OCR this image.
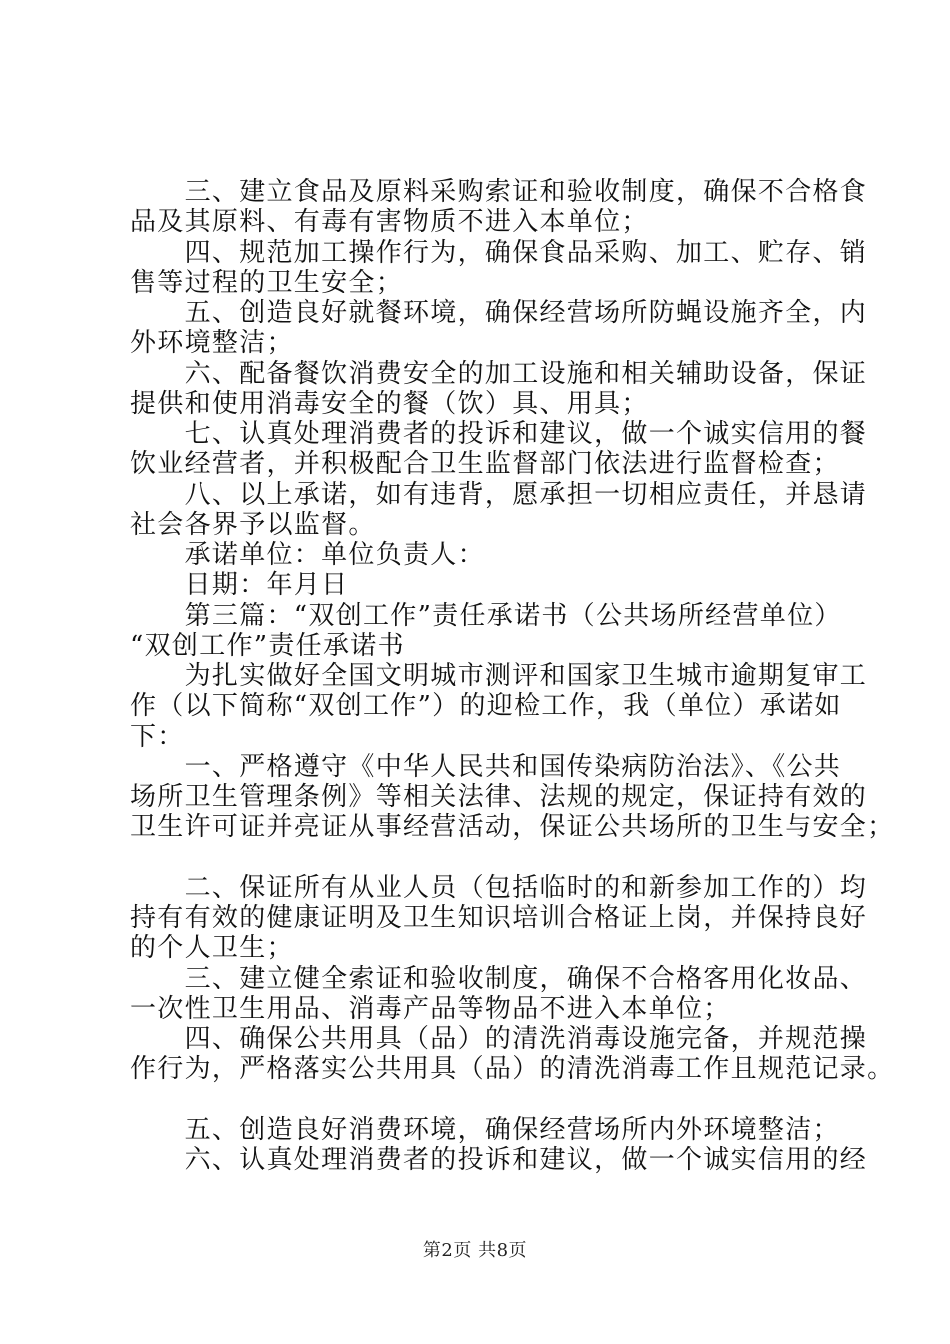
　　三、建立食品及原料采购索证和验收制度，确保不合格食
品及其原料、有毒有害物质不进入本单位；
　　四、规范加工操作行为，确保食品采购、加工、贮存、销
售等过程的卫生安全；
　　五、创造良好就餐环境，确保经营场所防蝇设施齐全，内
外环境整洁；
　　六、配备餐饮消费安全的加工设施和相关辅助设备，保证
提供和使用消毒安全的餐（饮）具、用具；
　　七、认真处理消费者的投诉和建议，做一个诚实信用的餐
饮业经营者，并积极配合卫生监督部门依法进行监督检查；
　　八、以上承诺，如有违背，愿承担一切相应责任，并恳请
社会各界予以监督。
　　承诺单位：单位负责人：
　　日期：年月日
　　第三篇：“双创工作”责任承诺书（公共场所经营单位）
“双创工作”责任承诺书
　　为扎实做好全国文明城市测评和国家卫生城市逾期复审工
作（以下简称“双创工作”）的迎检工作，我（单位）承诺如
下：
　　一、严格遵守《中华人民共和国传染病防治法》、《公共
场所卫生管理条例》等相关法律、法规的规定，保证持有效的
卫生许可证并亮证从事经营活动，保证公共场所的卫生与安全；
　　二、保证所有从业人员（包括临时的和新参加工作的）均
持有有效的健康证明及卫生知识培训合格证上岗，并保持良好
的个人卫生；
　　三、建立健全索证和验收制度，确保不合格客用化妆品、
一次性卫生用品、消毒产品等物品不进入本单位；
　　四、确保公共用具（品）的清洗消毒设施完备，并规范操
作行为，严格落实公共用具（品）的清洗消毒工作且规范记录。
　　五、创造良好消费环境，确保经营场所内外环境整洁；
　　六、认真处理消费者的投诉和建议，做一个诚实信用的经
第2页 共8页
